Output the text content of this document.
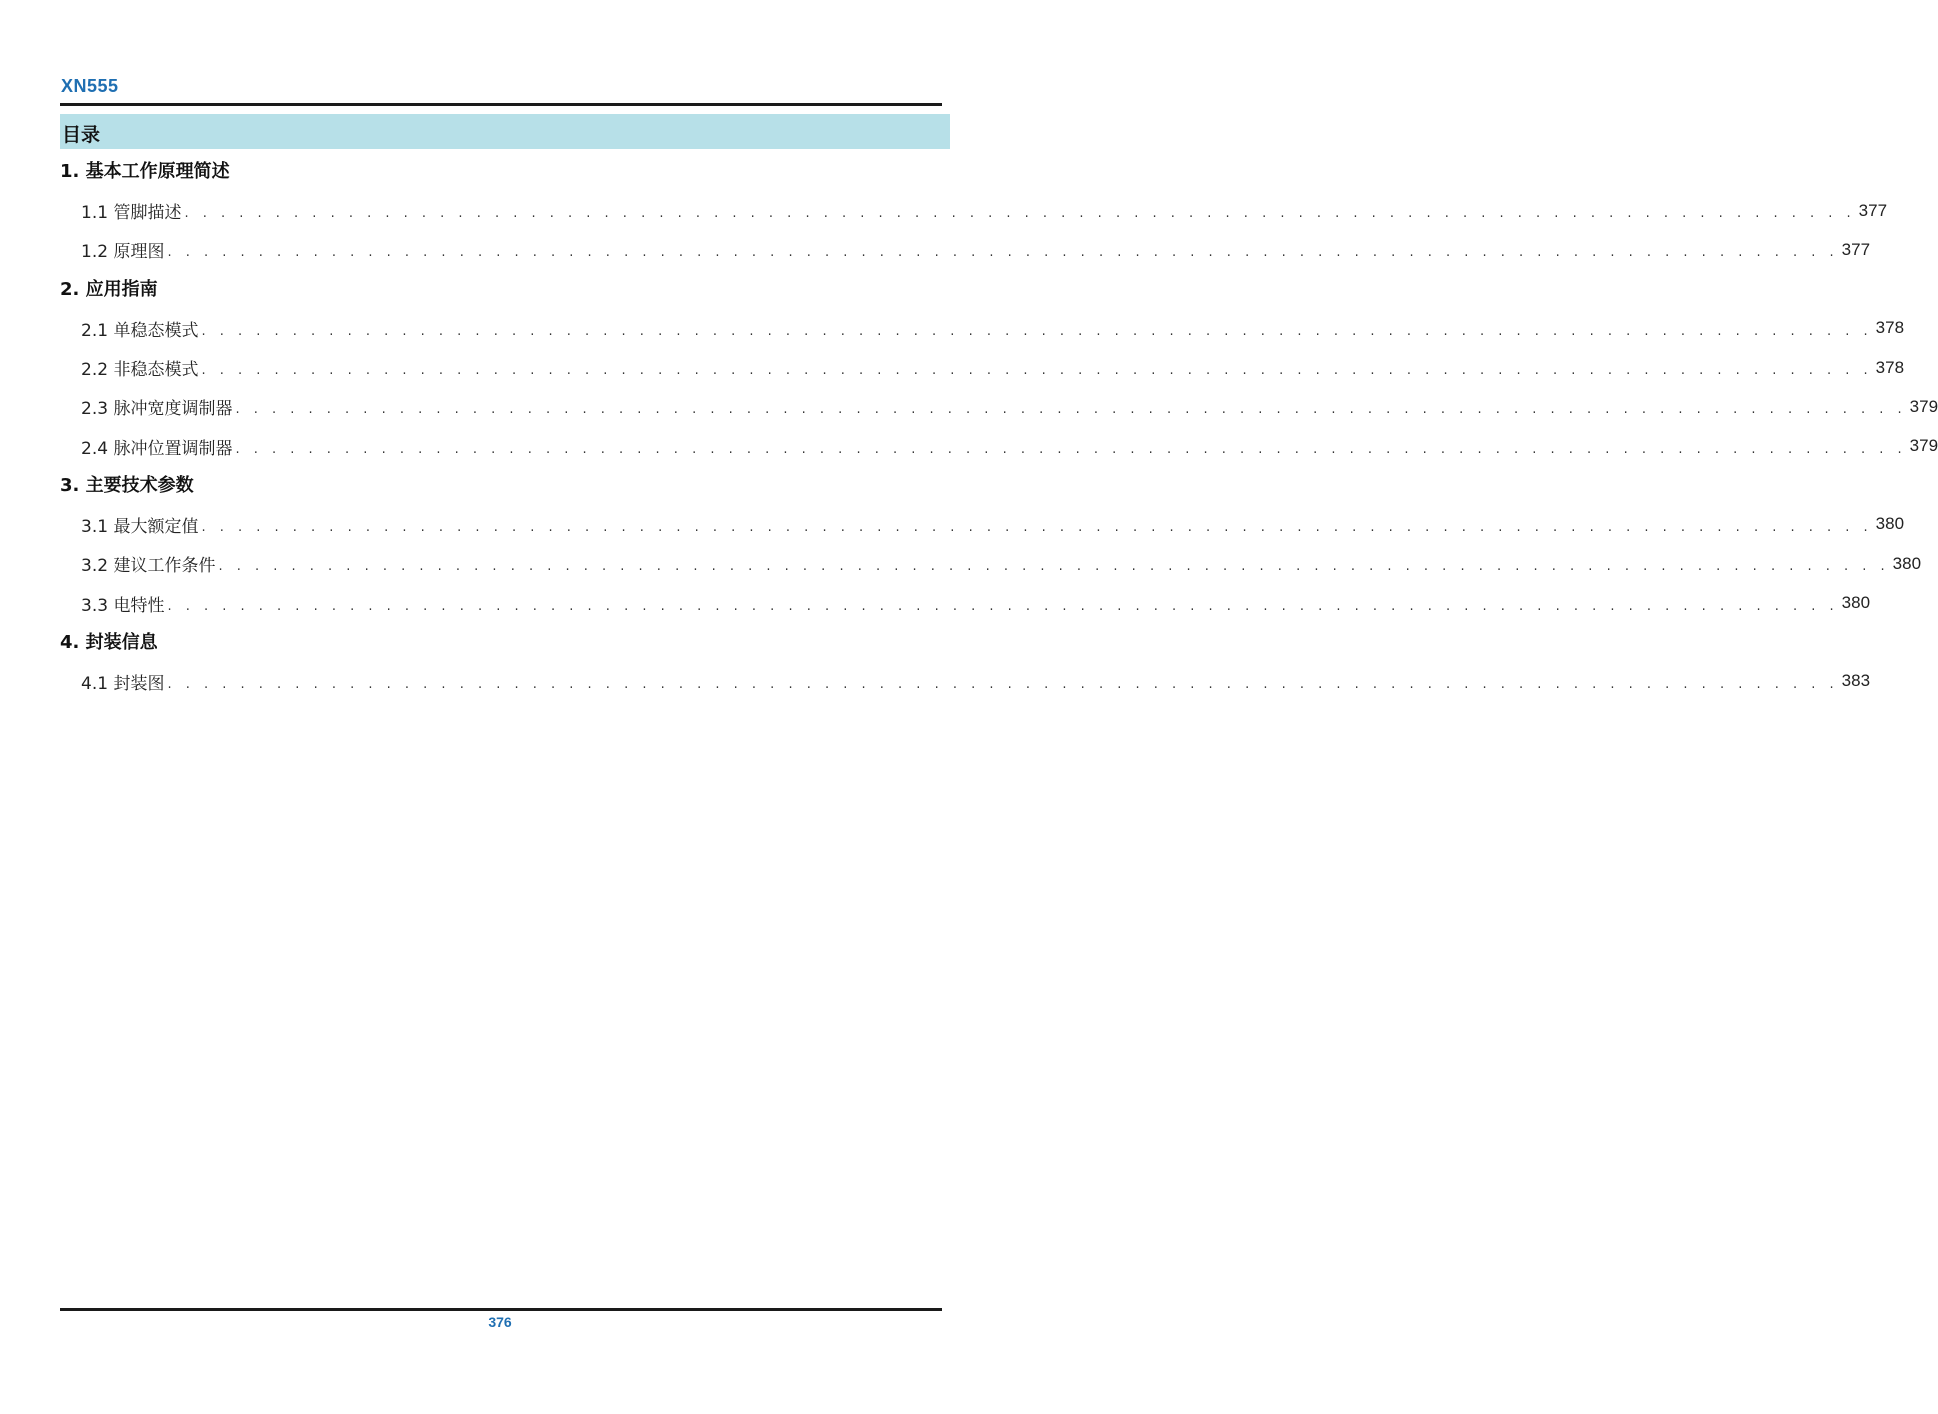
XN555
目录
1. 基本工作原理简述
1.1 管脚描述 . . . . . . . . . . . . . . . . . . . . . . . . . . . . . . . . . . . . . . . . . . . . . . . . . . . . . . . . . . . . . . . . . . . . . . . . . . . . . . . . . . . . . . . . . . . . 377
1.2 原理图 . . . . . . . . . . . . . . . . . . . . . . . . . . . . . . . . . . . . . . . . . . . . . . . . . . . . . . . . . . . . . . . . . . . . . . . . . . . . . . . . . . . . . . . . . . . . 377
2. 应用指南
2.1 单稳态模式 . . . . . . . . . . . . . . . . . . . . . . . . . . . . . . . . . . . . . . . . . . . . . . . . . . . . . . . . . . . . . . . . . . . . . . . . . . . . . . . . . . . . . . . . . . . . 378
2.2 非稳态模式 . . . . . . . . . . . . . . . . . . . . . . . . . . . . . . . . . . . . . . . . . . . . . . . . . . . . . . . . . . . . . . . . . . . . . . . . . . . . . . . . . . . . . . . . . . . . 378
2.3 脉冲宽度调制器 . . . . . . . . . . . . . . . . . . . . . . . . . . . . . . . . . . . . . . . . . . . . . . . . . . . . . . . . . . . . . . . . . . . . . . . . . . . . . . . . . . . . . . . . . . . . 379
2.4 脉冲位置调制器 . . . . . . . . . . . . . . . . . . . . . . . . . . . . . . . . . . . . . . . . . . . . . . . . . . . . . . . . . . . . . . . . . . . . . . . . . . . . . . . . . . . . . . . . . . . . 379
3. 主要技术参数
3.1 最大额定值 . . . . . . . . . . . . . . . . . . . . . . . . . . . . . . . . . . . . . . . . . . . . . . . . . . . . . . . . . . . . . . . . . . . . . . . . . . . . . . . . . . . . . . . . . . . . 380
3.2 建议工作条件 . . . . . . . . . . . . . . . . . . . . . . . . . . . . . . . . . . . . . . . . . . . . . . . . . . . . . . . . . . . . . . . . . . . . . . . . . . . . . . . . . . . . . . . . . . . . 380
3.3 电特性 . . . . . . . . . . . . . . . . . . . . . . . . . . . . . . . . . . . . . . . . . . . . . . . . . . . . . . . . . . . . . . . . . . . . . . . . . . . . . . . . . . . . . . . . . . . . 380
4. 封装信息
4.1 封装图 . . . . . . . . . . . . . . . . . . . . . . . . . . . . . . . . . . . . . . . . . . . . . . . . . . . . . . . . . . . . . . . . . . . . . . . . . . . . . . . . . . . . . . . . . . . . 383
376
